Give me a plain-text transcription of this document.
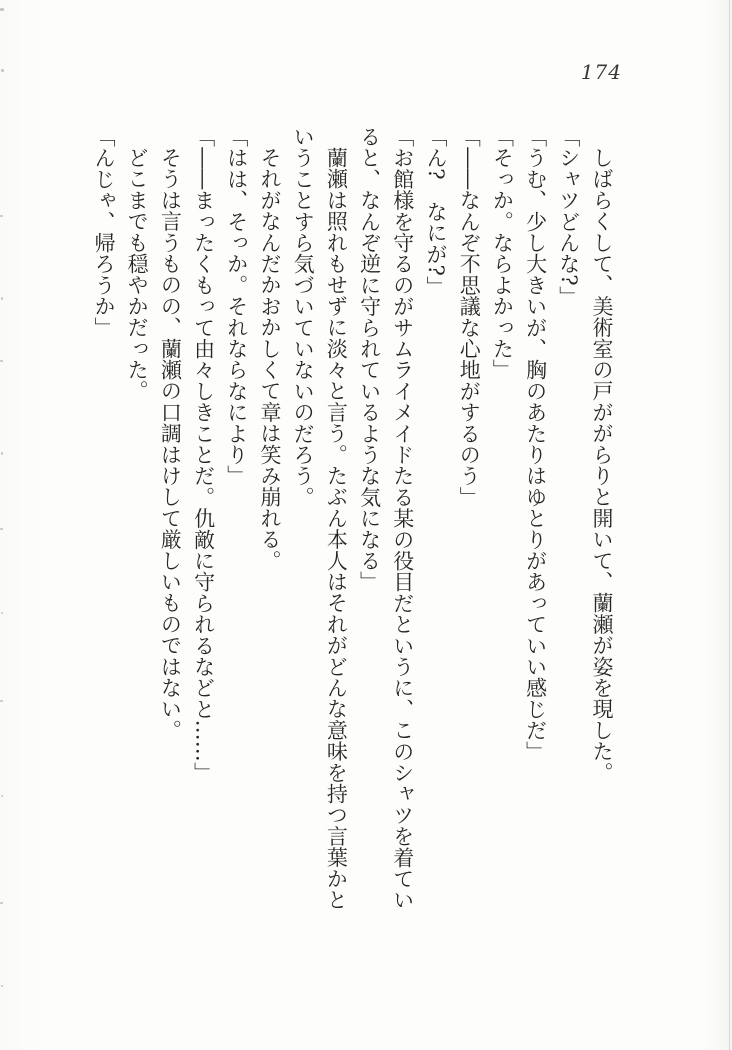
174

しばらくして、美術室の戸ががらりと開いて、蘭瀬が姿を現した。

「シャツどんな?」

「うむ、少し大きいが、胸のあたりはゆとりがあっていい感じだ」

「そっか。ならよかった」

「――なんぞ不思議な心地がするのう」

「ん?　なにが?」

「お館様を守るのがサムライメイドたる某の役目だというに、このシャツを着ていると、なんぞ逆に守られているような気になる」

蘭瀬は照れもせずに淡々と言う。たぶん本人はそれがどんな意味を持つ言葉かということすら気づいていないのだろう。

それがなんだかおかしくて章は笑み崩れる。

「はは、そっか。それならなにより」

「――まったくもって由々しきことだ。仇敵に守られるなどと……」

そうは言うものの、蘭瀬の口調はけして厳しいものではない。

どこまでも穏やかだった。

「んじゃ、帰ろうか」
